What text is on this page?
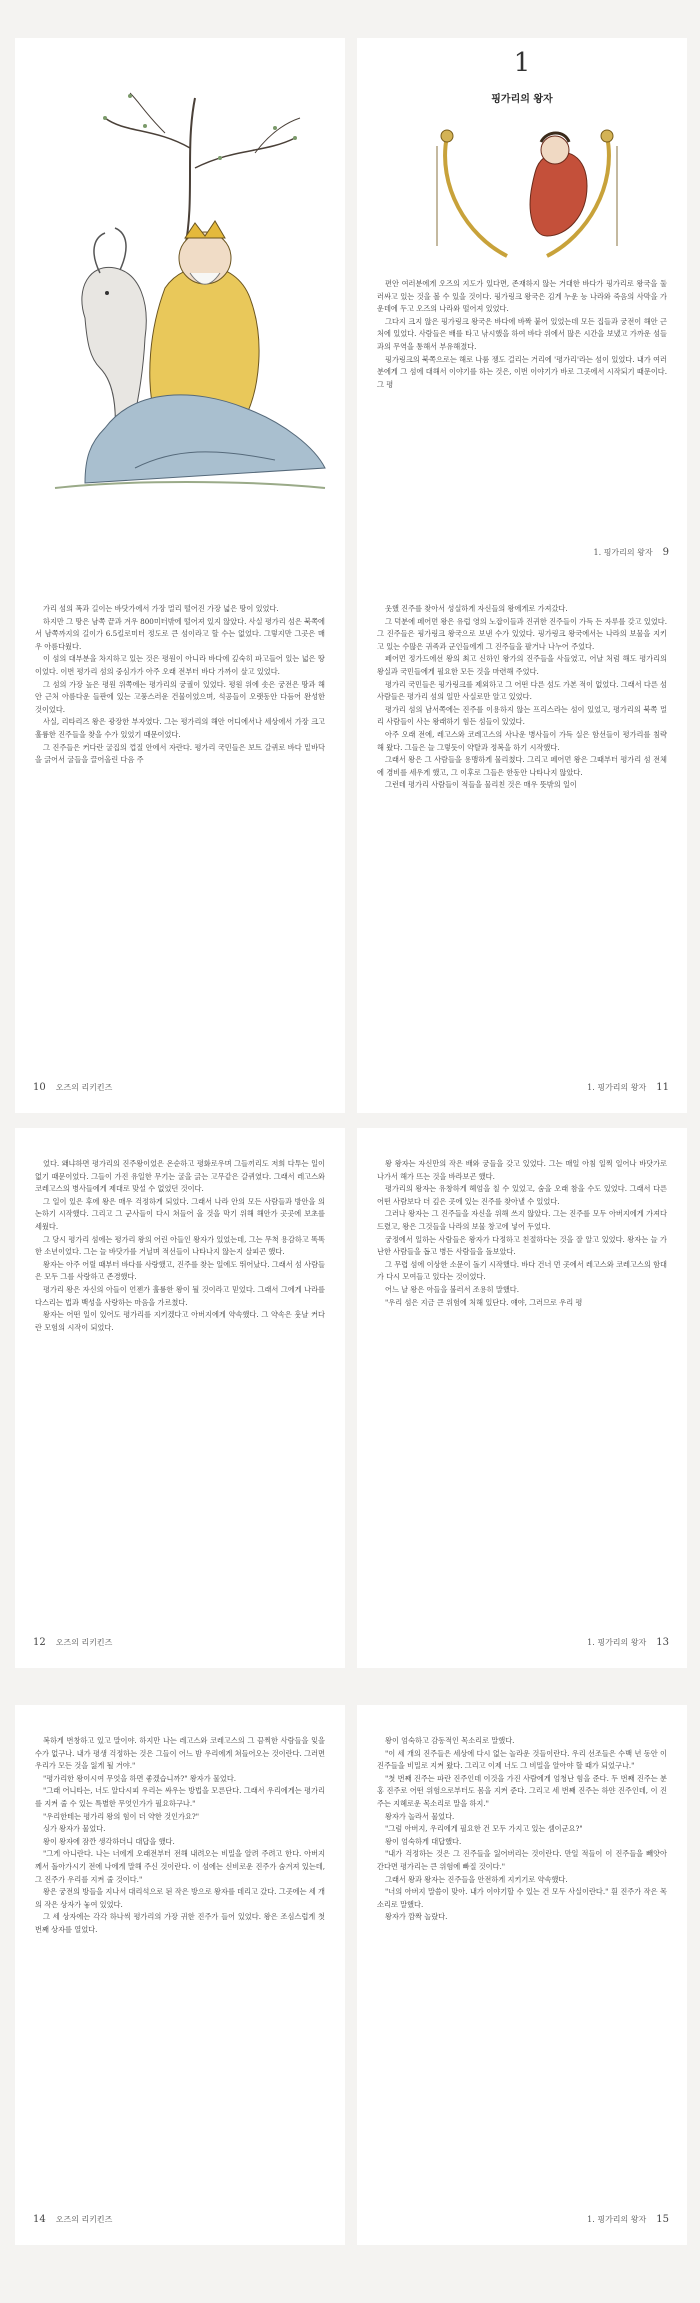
1
핑가리의 왕자

편안 여러분에게 오즈의 지도가 있다면, 존재하지 않는 거대한 바다가 핑가리로 왕국을 둘러싸고 있는 것을 볼 수 있을 것이다. 핑가링크 왕국은 김게 누운 능 나라와 죽음의 사막을 가운데에 두고 오즈의 나라와 떨어져 있었다.

그다지 크지 않은 핑가링크 왕국은 바다에 바짝 붙어 있었는데 모든 집들과 궁전이 해안 근처에 있었다. 사람들은 배를 타고 낚시했을 하여 바다 위에서 많은 시간을 보냈고 가까운 섬들과의 무역을 통해서 부유해졌다.

핑가링크의 북쪽으로는 해로 나룸 젱도 걸리는 거리에 '평가리'라는 섬이 있었다. 내가 여러분에게 그 섬에 대해서 이야기를 하는 것은, 이번 이야기가 바로 그곳에서 시작되기 때문이다. 그 평

1. 핑가리의 왕자 9

가리 섬의 폭과 길이는 바닷가에서 가장 멀리 떨어진 가장 넓은 땅이 있었다.

하지만 그 땅은 남쪽 끝과 겨우 800미터밖에 떨어져 있지 않았다. 사실 평가리 섬은 북쪽에서 남쪽까지의 길이가 6.5킬로미터 정도로 큰 섬이라고 할 수는 없었다. 그렇지만 그곳은 매우 아름다웠다.

이 섬의 대부분을 차지하고 있는 것은 평원이 아니라 바다에 깊숙히 파고들어 있는 넓은 땅이었다. 이번 평가리 섬의 중심가가 아주 오래 전부터 바다 가까이 살고 있었다.

그 섬의 가장 높은 평원 위쪽에는 평가리의 궁궐이 있었다. 평원 위에 솟은 궁전은 땅과 해안 근처 아름다운 들판에 있는 고풍스러운 건물이었으며, 석공들이 오랫동안 다듬어 완성한 것이었다.

사실, 리타리즈 왕은 광장한 부자였다. 그는 평가리의 해안 어디에서나 세상에서 가장 크고 훌륭한 진주들을 찾을 수가 있었기 때문이었다.

그 진주들은 커다란 굴집의 껍질 안에서 자란다. 평가리 국민들은 보트 갈퀴로 바다 밑바닥을 긁어서 굴들을 끌어올린 다음 주

10 오즈의 리키킨즈

웃했 진주를 찾아서 성실하게 자신들의 왕에게로 가져갔다.

그 덕분에 페어먼 왕은 유럽 영의 노잡이들과 진귀한 진주들이 가득 든 자루를 갖고 있었다. 그 진주들은 핑가링크 왕국으로 보낸 수가 있었다. 핑가링크 왕국에서는 나라의 보물을 지키고 있는 수많은 귀족과 군인들에게 그 진주들을 팔거나 나누어 주었다.

페어먼 정가드에선 왕의 최고 신하인 왕가의 진주들을 사들였고, 어날 처럼 해도 평가리의 왕실과 국민들에게 필요한 모든 것을 마련해 주었다.

평가리 국민들은 핑가링크를 제외하고 그 어떤 다른 섬도 가본 적이 없었다. 그래서 다른 섬 사람들은 평가리 섬의 일만 사실로만 알고 있었다.

평가리 섬의 남서쪽에는 진주를 이용하지 않는 프리스라는 섬이 있었고, 평가리의 북쪽 멀리 사람들이 사는 왕래하기 힘든 섬들이 있었다.

아주 오래 전에, 레고스와 코레고스의 사나운 병사들이 가득 실은 함선들이 평가리를 침략해 왔다. 그들은 늘 그렇듯이 약탈과 정복을 하기 시작했다.

그래서 왕은 그 사람들을 용맹하게 물리쳤다. 그리고 페어먼 왕은 그때부터 평가리 섬 전체에 경비를 세우게 했고, 그 이후로 그들은 한동안 나타나지 않았다.

그런데 평가리 사람들이 적들을 물리친 것은 매우 뜻밖의 일이

1. 핑가리의 왕자 11

었다. 왜냐하면 평가리의 진주왕이었은 온순하고 평화로우며 그들끼리도 저희 다투는 일이 없기 때문이었다. 그들이 가진 유일한 무기는 굴을 긁는 고무같은 갈퀴였다. 그래서 레고스와 코레고스의 병사들에게 제대로 맞설 수 없었던 것이다.

그 일이 있은 후에 왕은 매우 걱정하게 되었다. 그래서 나라 안의 모든 사람들과 방안을 의논하기 시작했다. 그리고 그 군사들이 다시 쳐들어 올 것을 막기 위해 해안가 곳곳에 보초를 세웠다.

그 당시 평가리 섬에는 평가리 왕의 어린 아들인 왕자가 있었는데, 그는 무척 용감하고 똑똑한 소년이었다. 그는 늘 바닷가를 거닐며 적선들이 나타나지 않는지 살피곤 했다.

왕자는 아주 어릴 때부터 바다를 사랑했고, 진주를 찾는 일에도 뛰어났다. 그래서 섬 사람들은 모두 그를 사랑하고 존경했다.

평가리 왕은 자신의 아들이 언젠가 훌륭한 왕이 될 것이라고 믿었다. 그래서 그에게 나라를 다스리는 법과 백성을 사랑하는 마음을 가르쳤다.

왕자는 어떤 일이 있어도 평가리를 지키겠다고 아버지에게 약속했다. 그 약속은 훗날 커다란 모험의 시작이 되었다.

12 오즈의 리키킨즈

왕 왕자는 자신만의 작은 배와 궁들을 갖고 있었다. 그는 매일 아침 일찍 일어나 바닷가로 나가서 해가 뜨는 것을 바라보곤 했다.

평가리의 왕자는 유창하게 헤엄을 칠 수 있었고, 숨을 오래 참을 수도 있었다. 그래서 다른 어떤 사람보다 더 깊은 곳에 있는 진주를 찾아낼 수 있었다.

그러나 왕자는 그 진주들을 자신을 위해 쓰지 않았다. 그는 진주를 모두 아버지에게 가져다 드렸고, 왕은 그것들을 나라의 보물 창고에 넣어 두었다.

궁정에서 일하는 사람들은 왕자가 다정하고 친절하다는 것을 잘 알고 있었다. 왕자는 늘 가난한 사람들을 돕고 병든 사람들을 돌보았다.

그 무렵 섬에 이상한 소문이 돌기 시작했다. 바다 건너 먼 곳에서 레고스와 코레고스의 함대가 다시 모여들고 있다는 것이었다.

어느 날 왕은 아들을 불러서 조용히 말했다.

"우리 섬은 지금 큰 위험에 처해 있단다. 얘야, 그러므로 우리 평

1. 핑가리의 왕자 13

복하게 번창하고 있고 말이야. 하지만 나는 레고스와 코레고스의 그 끔찍한 사람들을 잊을 수가 없구나. 내가 평생 걱정하는 것은 그들이 어느 밤 우리에게 쳐들어오는 것이란다. 그러면 우리가 모든 것을 잃게 될 거야."

"평가리한 왕이시여 무엇을 하면 좋겠습니까?" 왕자가 물었다.

"그래 어니타는, 너도 알다시피 우리는 싸우는 방법을 모른단다. 그래서 우리에게는 평가리를 지켜 줄 수 있는 특별한 무엇인가가 필요하구나."

"우리한테는 평가리 왕의 힘이 더 약한 것인가요?"

싱가 왕자가 물었다.

왕이 왕자에 잠깐 생각하더니 대답을 했다.

"그게 아니란다. 나는 너에게 오래전부터 전해 내려오는 비밀을 알려 주려고 한다. 아버지께서 돌아가시기 전에 나에게 말해 주신 것이란다. 이 섬에는 신비로운 진주가 숨겨져 있는데, 그 진주가 우리를 지켜 줄 것이다."

왕은 궁전의 방들을 지나서 대리석으로 된 작은 방으로 왕자를 데리고 갔다. 그곳에는 세 개의 작은 상자가 놓여 있었다.

그 세 상자에는 각각 하나씩 평가리의 가장 귀한 진주가 들어 있었다. 왕은 조심스럽게 첫 번째 상자를 열었다.

14 오즈의 리키킨즈

왕이 엄숙하고 감동적인 목소리로 말했다.

"이 세 개의 진주들은 세상에 다시 없는 놀라운 것들이란다. 우리 선조들은 수백 년 동안 이 진주들을 비밀로 지켜 왔다. 그리고 이제 너도 그 비밀을 알아야 할 때가 되었구나."

"첫 번째 진주는 파란 진주인데 이것을 가진 사람에게 엄청난 힘을 준다. 두 번째 진주는 분홍 진주로 어떤 위험으로부터도 몸을 지켜 준다. 그리고 세 번째 진주는 하얀 진주인데, 이 진주는 지혜로운 목소리로 말을 하지."

왕자가 놀라서 물었다.

"그럼 아버지, 우리에게 필요한 건 모두 가지고 있는 셈이군요?"

왕이 엄숙하게 대답했다.

"내가 걱정하는 것은 그 진주들을 잃어버리는 것이란다. 만일 적들이 이 진주들을 빼앗아 간다면 평가리는 큰 위험에 빠질 것이다."

그래서 왕과 왕자는 진주들을 안전하게 지키기로 약속했다.

"너의 아버지 말씀이 맞아. 내가 이야기할 수 있는 건 모두 사실이란다." 흰 진주가 작은 목소리로 말했다.

왕자가 깜짝 놀랐다.

1. 핑가리의 왕자 15
